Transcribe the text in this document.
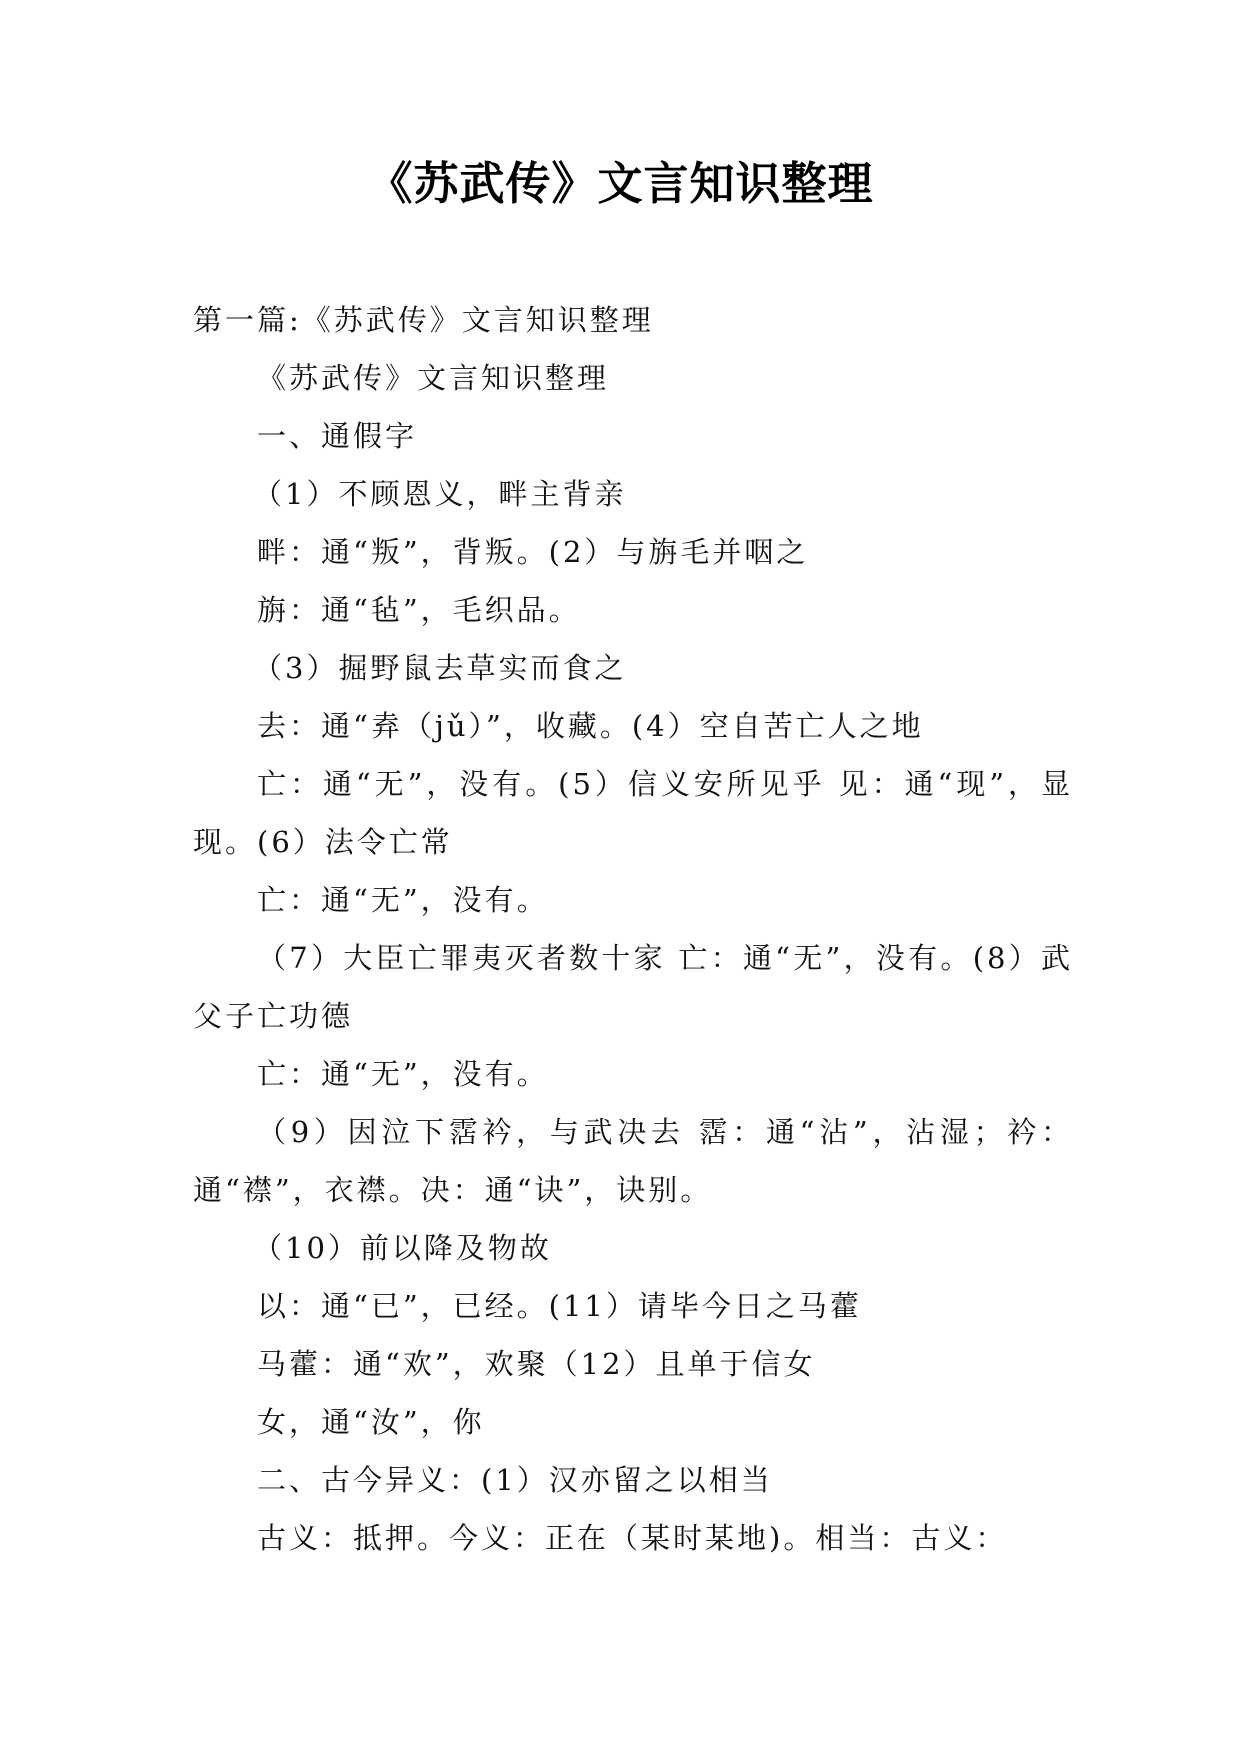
《苏武传》文言知识整理

第一篇:《苏武传》文言知识整理

《苏武传》文言知识整理

一、通假字

（1）不顾恩义，畔主背亲

畔：通“叛”，背叛。(2）与旃毛并咽之

旃：通“毡”，毛织品。

（3）掘野鼠去草实而食之

去：通“弆（jǔ）”，收藏。(4）空自苦亡人之地

亡：通“无”，没有。(5）信义安所见乎 见：通“现”，显现。(6）法令亡常

亡：通“无”，没有。

（7）大臣亡罪夷灭者数十家 亡：通“无”，没有。(8）武父子亡功德

亡：通“无”，没有。

（9）因泣下霑衿，与武决去 霑：通“沾”，沾湿；衿：通“襟”，衣襟。决：通“诀”，诀别。

（10）前以降及物故

以：通“已”，已经。(11）请毕今日之马藿

马藿：通“欢”，欢聚（12）且单于信女

女，通“汝”，你

二、古今异义：(1）汉亦留之以相当

古义：抵押。今义：正在（某时某地)。相当：古义：
